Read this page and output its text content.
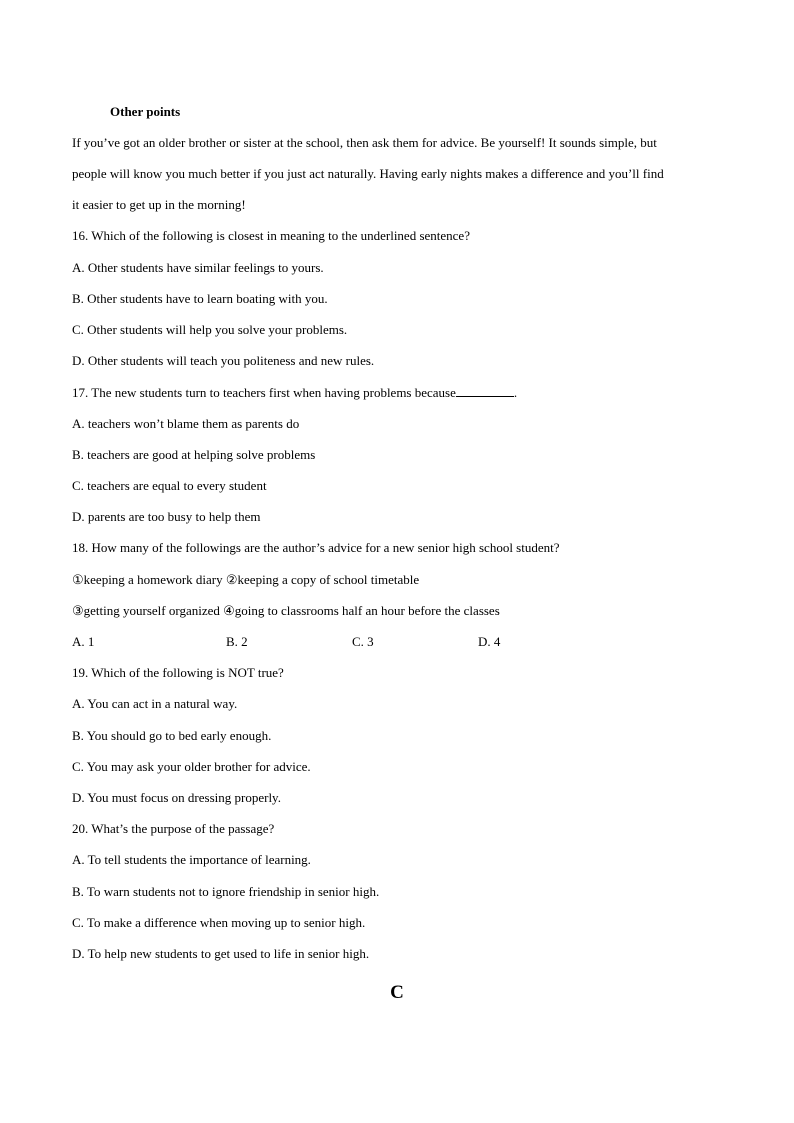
Other points
If you’ve got an older brother or sister at the school, then ask them for advice. Be yourself! It sounds simple, but
people will know you much better if you just act naturally. Having early nights makes a difference and you’ll find
it easier to get up in the morning!
16. Which of the following is closest in meaning to the underlined sentence?
A. Other students have similar feelings to yours.
B. Other students have to learn boating with you.
C. Other students will help you solve your problems.
D. Other students will teach you politeness and new rules.
17. The new students turn to teachers first when having problems because	.
A. teachers won’t blame them as parents do
B. teachers are good at helping solve problems
C. teachers are equal to every student
D. parents are too busy to help them
18. How many of the followings are the author’s advice for a new senior high school student?
①keeping a homework diary ②keeping a copy of school timetable
③getting yourself organized ④going to classrooms half an hour before the classes
A. 1	B. 2	C. 3	D. 4
19. Which of the following is NOT true?
A. You can act in a natural way.
B. You should go to bed early enough.
C. You may ask your older brother for advice.
D. You must focus on dressing properly.
20. What’s the purpose of the passage?
A. To tell students the importance of learning.
B. To warn students not to ignore friendship in senior high.
C. To make a difference when moving up to senior high.
D. To help new students to get used to life in senior high.
C
